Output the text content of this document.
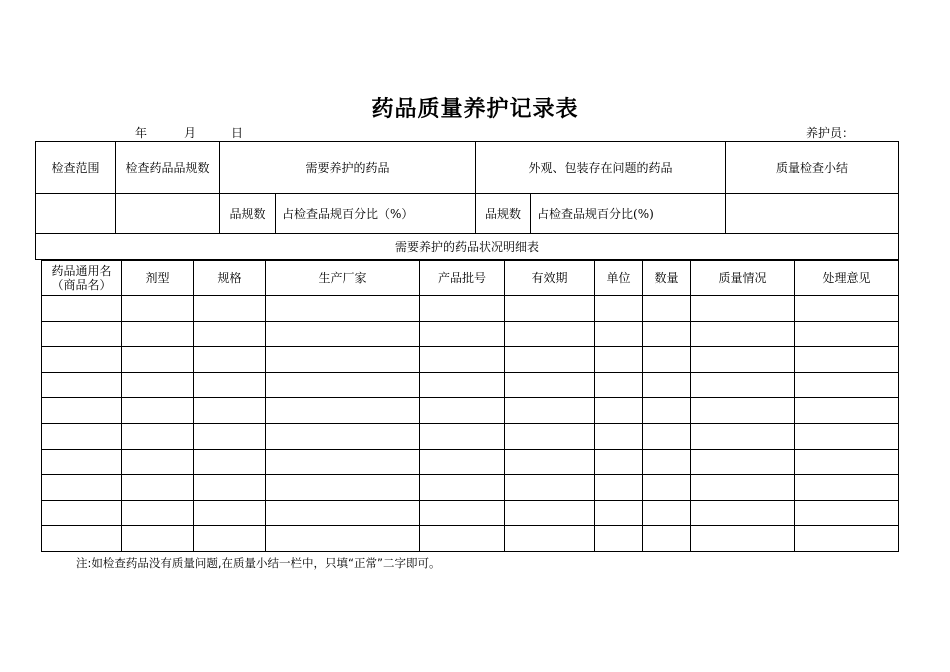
药品质量养护记录表
年	月	日	养护员：
检查范围	检查药品品规数	需要养护的药品		外观、包装存在问题的药品		质量检查小结
		品规数	占检查品规百分比（%）	品规数	占检查品规百分比(%)	
需要养护的药品状况明细表						
药品通用名（商品名）	剂型	规格	生产厂家	产品批号	有效期	单位	数量	质量情况	处理意见

注:如检查药品没有质量问题,在质量小结一栏中，只填“正常”二字即可。
